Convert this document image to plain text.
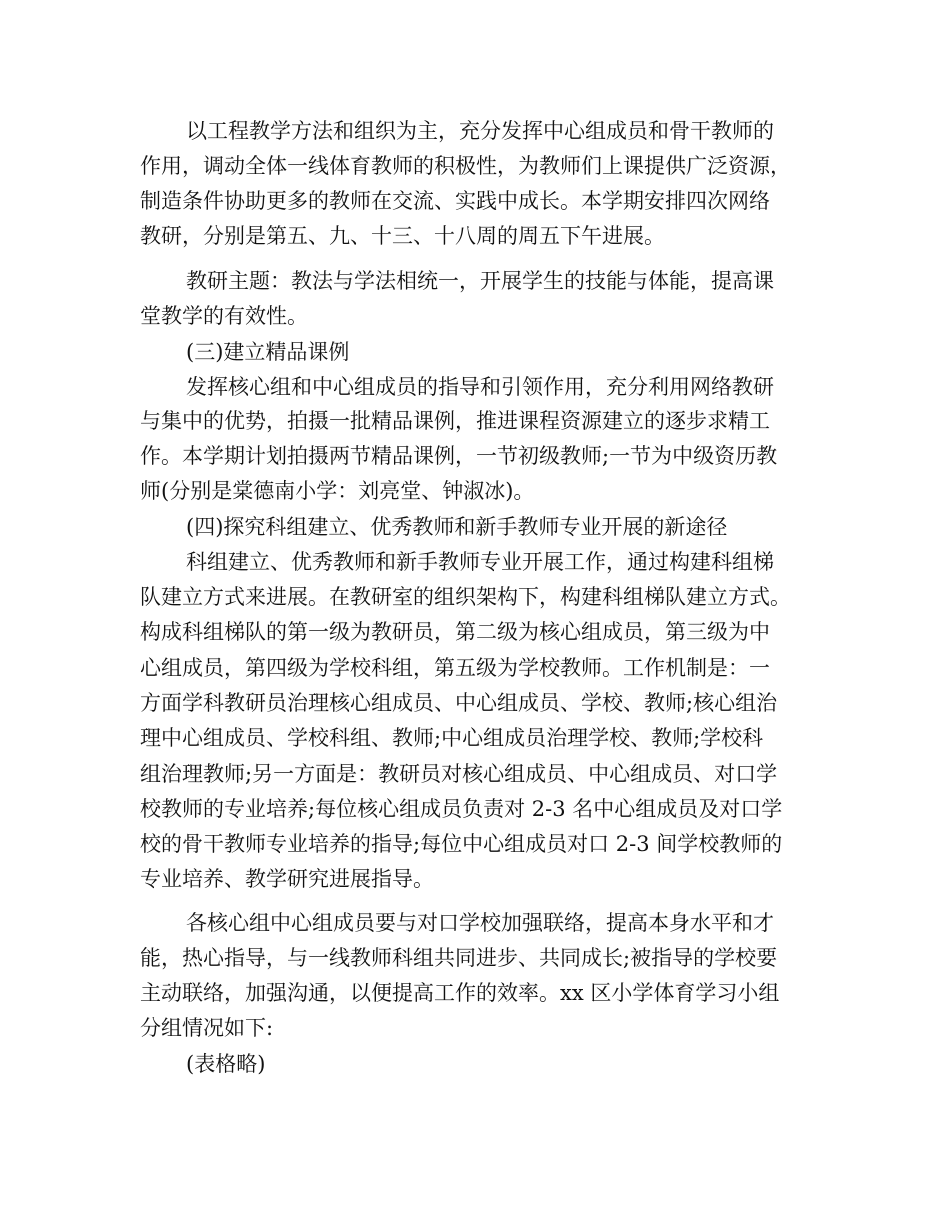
以工程教学方法和组织为主，充分发挥中心组成员和骨干教师的
作用，调动全体一线体育教师的积极性，为教师们上课提供广泛资源，
制造条件协助更多的教师在交流、实践中成长。本学期安排四次网络
教研，分别是第五、九、十三、十八周的周五下午进展。
教研主题：教法与学法相统一，开展学生的技能与体能，提高课
堂教学的有效性。
(三)建立精品课例
发挥核心组和中心组成员的指导和引领作用，充分利用网络教研
与集中的优势，拍摄一批精品课例，推进课程资源建立的逐步求精工
作。本学期计划拍摄两节精品课例，一节初级教师;一节为中级资历教
师(分别是棠德南小学：刘亮堂、钟淑冰)。
(四)探究科组建立、优秀教师和新手教师专业开展的新途径
科组建立、优秀教师和新手教师专业开展工作，通过构建科组梯
队建立方式来进展。在教研室的组织架构下，构建科组梯队建立方式。
构成科组梯队的第一级为教研员，第二级为核心组成员，第三级为中
心组成员，第四级为学校科组，第五级为学校教师。工作机制是：一
方面学科教研员治理核心组成员、中心组成员、学校、教师;核心组治
理中心组成员、学校科组、教师;中心组成员治理学校、教师;学校科
组治理教师;另一方面是：教研员对核心组成员、中心组成员、对口学
校教师的专业培养;每位核心组成员负责对 2-3 名中心组成员及对口学
校的骨干教师专业培养的指导;每位中心组成员对口 2-3 间学校教师的
专业培养、教学研究进展指导。
各核心组中心组成员要与对口学校加强联络，提高本身水平和才
能，热心指导，与一线教师科组共同进步、共同成长;被指导的学校要
主动联络，加强沟通，以便提高工作的效率。xx 区小学体育学习小组
分组情况如下:
(表格略)
